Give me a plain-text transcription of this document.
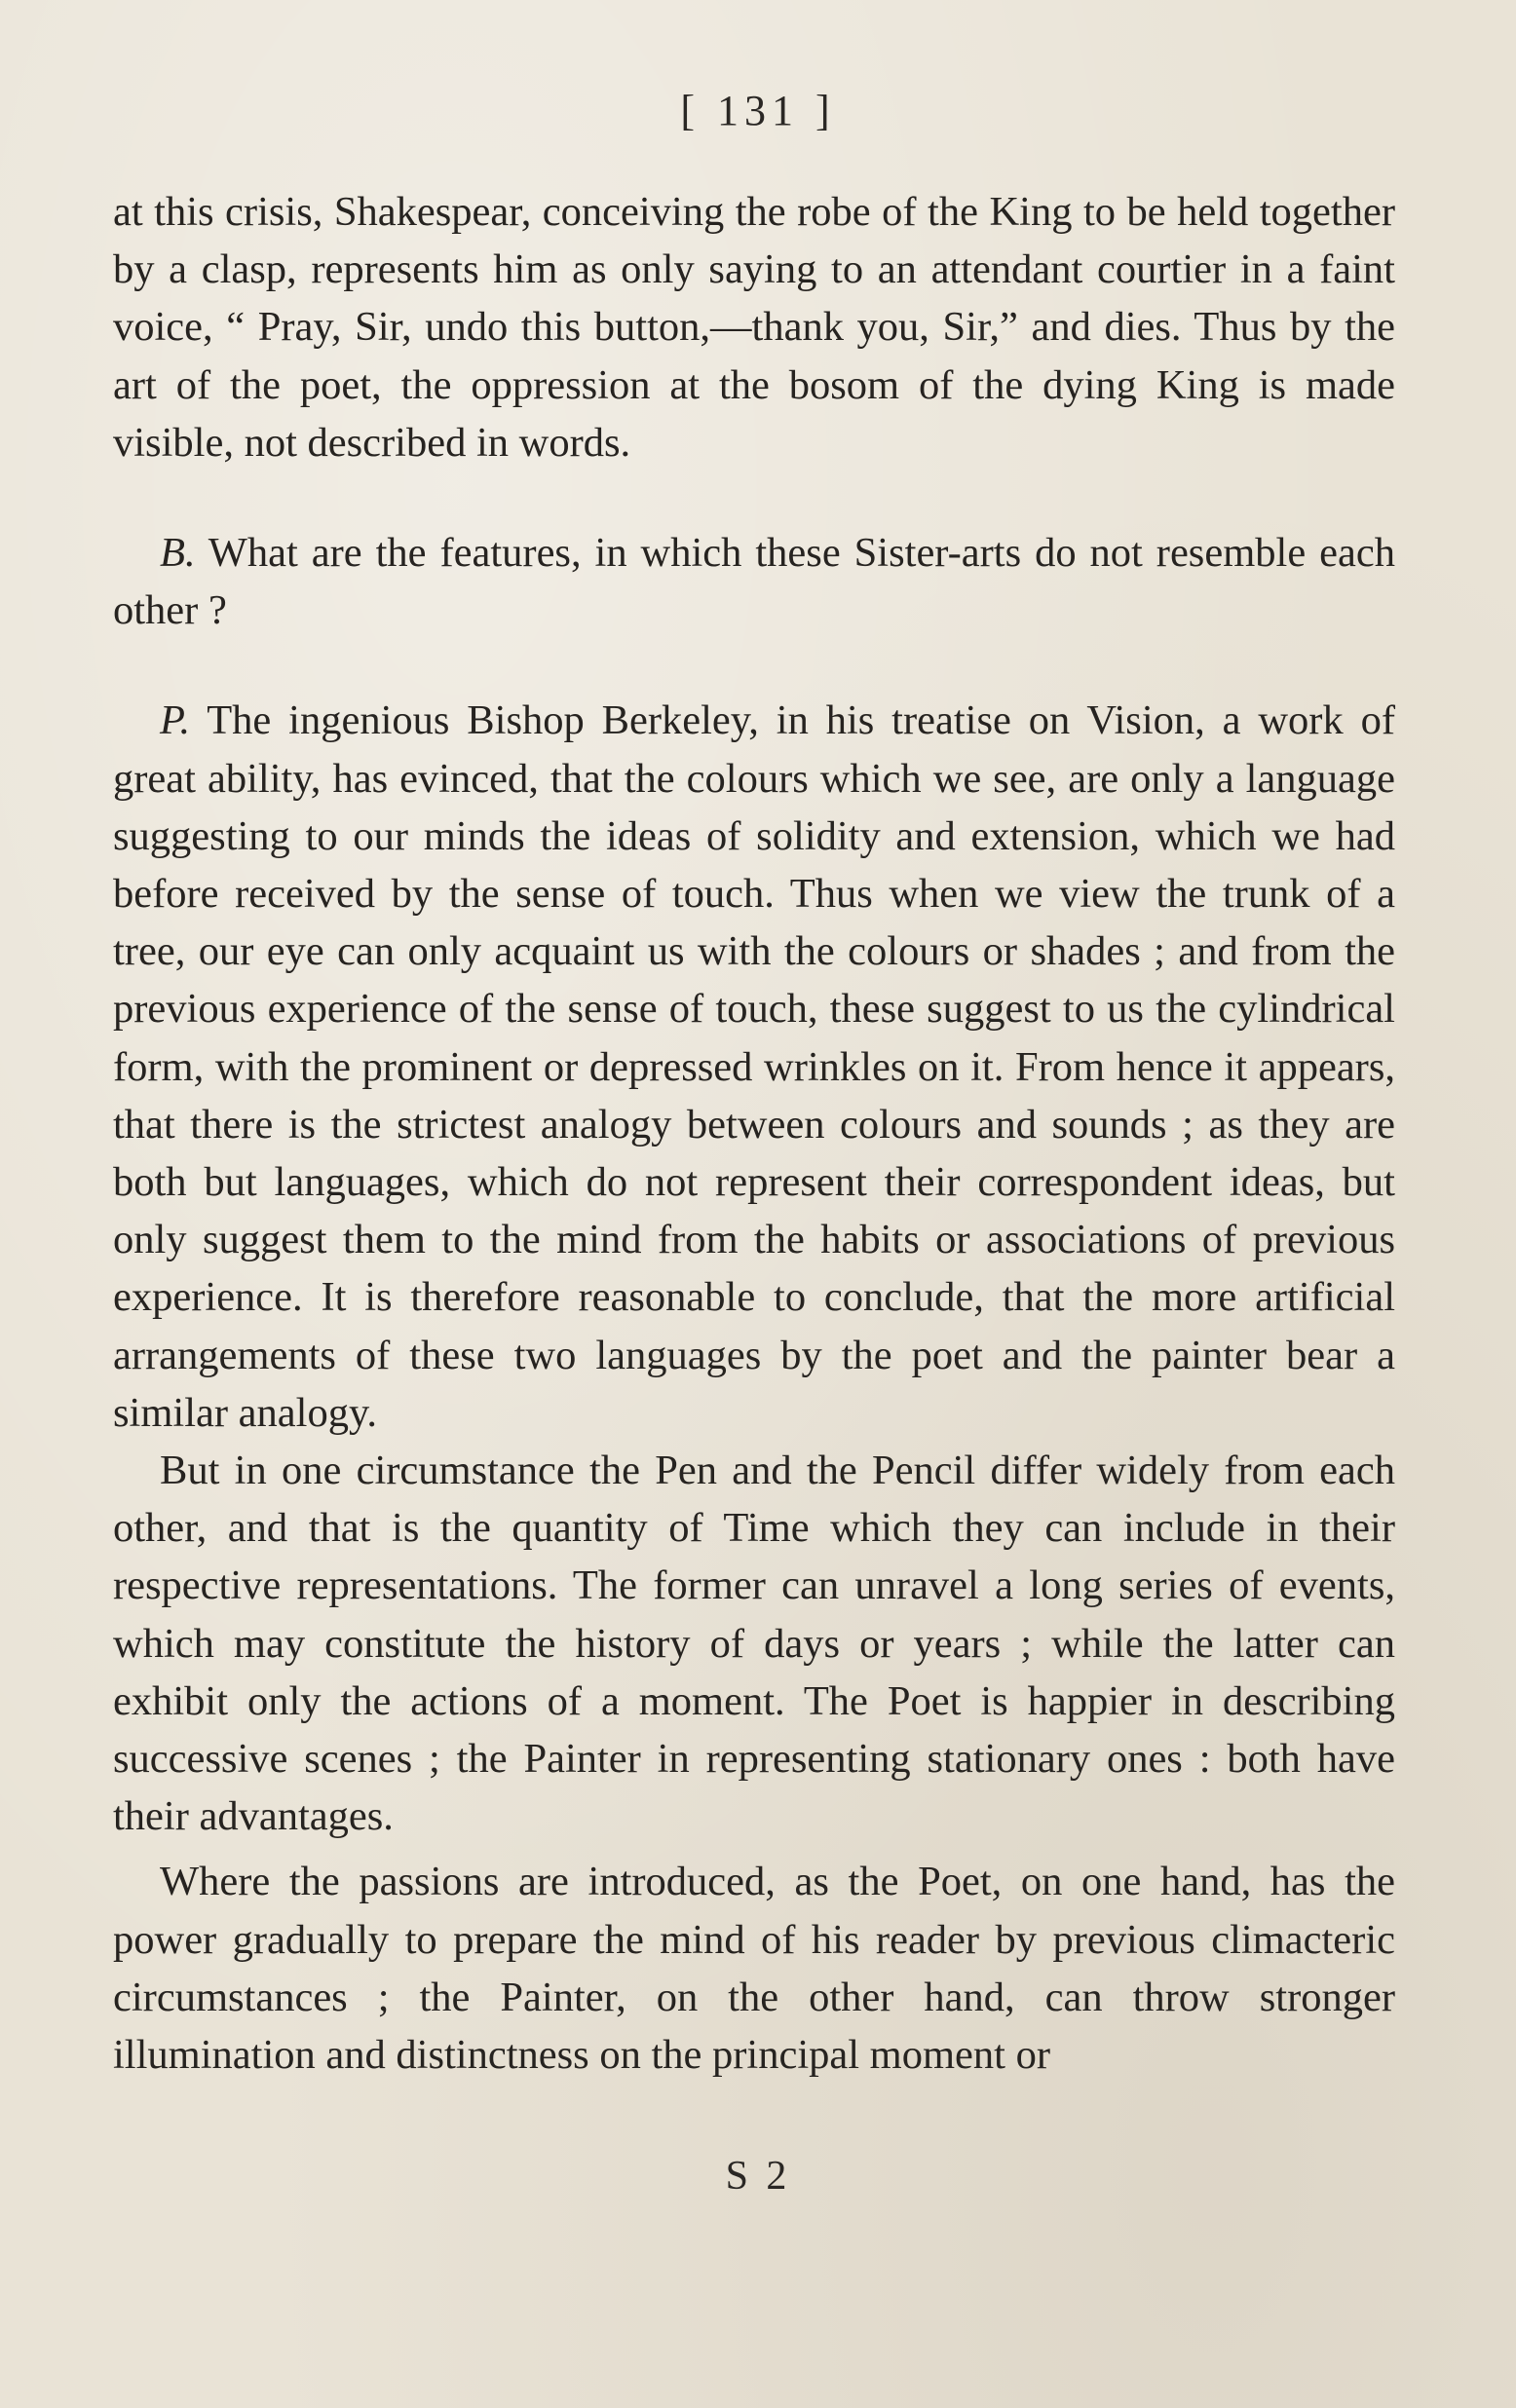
[ 131 ]

at this crisis, Shakespear, conceiving the robe of the King to be held together by a clasp, represents him as only saying to an attendant courtier in a faint voice, “ Pray, Sir, undo this button,—thank you, Sir,” and dies. Thus by the art of the poet, the oppression at the bosom of the dying King is made visible, not described in words.

B. What are the features, in which these Sister-arts do not resemble each other ?

P. The ingenious Bishop Berkeley, in his treatise on Vision, a work of great ability, has evinced, that the colours which we see, are only a language suggesting to our minds the ideas of solidity and extension, which we had before received by the sense of touch. Thus when we view the trunk of a tree, our eye can only acquaint us with the colours or shades ; and from the previous experience of the sense of touch, these suggest to us the cylindrical form, with the prominent or depressed wrinkles on it. From hence it appears, that there is the strictest analogy between colours and sounds ; as they are both but languages, which do not represent their correspondent ideas, but only suggest them to the mind from the habits or associations of previous experience. It is therefore reasonable to conclude, that the more artificial arrangements of these two languages by the poet and the painter bear a similar analogy.

But in one circumstance the Pen and the Pencil differ widely from each other, and that is the quantity of Time which they can include in their respective representations. The former can unravel a long series of events, which may constitute the history of days or years ; while the latter can exhibit only the actions of a moment. The Poet is happier in describing successive scenes ; the Painter in representing stationary ones : both have their advantages.

Where the passions are introduced, as the Poet, on one hand, has the power gradually to prepare the mind of his reader by previous climacteric circumstances ; the Painter, on the other hand, can throw stronger illumination and distinctness on the principal moment or

S 2
